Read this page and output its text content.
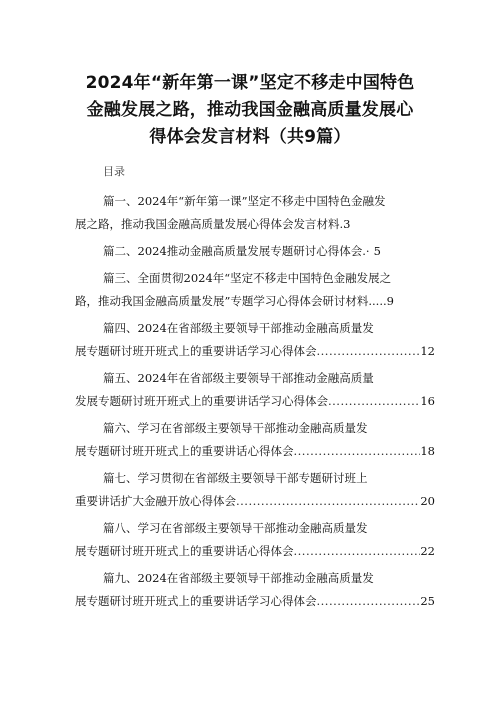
2024年“新年第一课”坚定不移走中国特色
金融发展之路，推动我国金融高质量发展心
得体会发言材料（共9篇）
目录
篇一、2024年“新年第一课”坚定不移走中国特色金融发
展之路，推动我国金融高质量发展心得体会发言材料. 3
篇二、2024推动金融高质量发展专题研讨心得体会.· 5
篇三、全面贯彻2024年“坚定不移走中国特色金融发展之
路，推动我国金融高质量发展”专题学习心得体会研讨材料..... 9
篇四、2024在省部级主要领导干部推动金融高质量发
展专题研讨班开班式上的重要讲话学习心得体会 .....	12
篇五、2024年在省部级主要领导干部推动金融高质量
发展专题研讨班开班式上的重要讲话学习心得体会 .....	16
篇六、学习在省部级主要领导干部推动金融高质量发
展专题研讨班开班式上的重要讲话心得体会 .....	18
篇七、学习贯彻在省部级主要领导干部专题研讨班上
重要讲话扩大金融开放心得体会 .....	20
篇八、学习在省部级主要领导干部推动金融高质量发
展专题研讨班开班式上的重要讲话心得体会 .....	22
篇九、2024在省部级主要领导干部推动金融高质量发
展专题研讨班开班式上的重要讲话学习心得体会 .....	25
